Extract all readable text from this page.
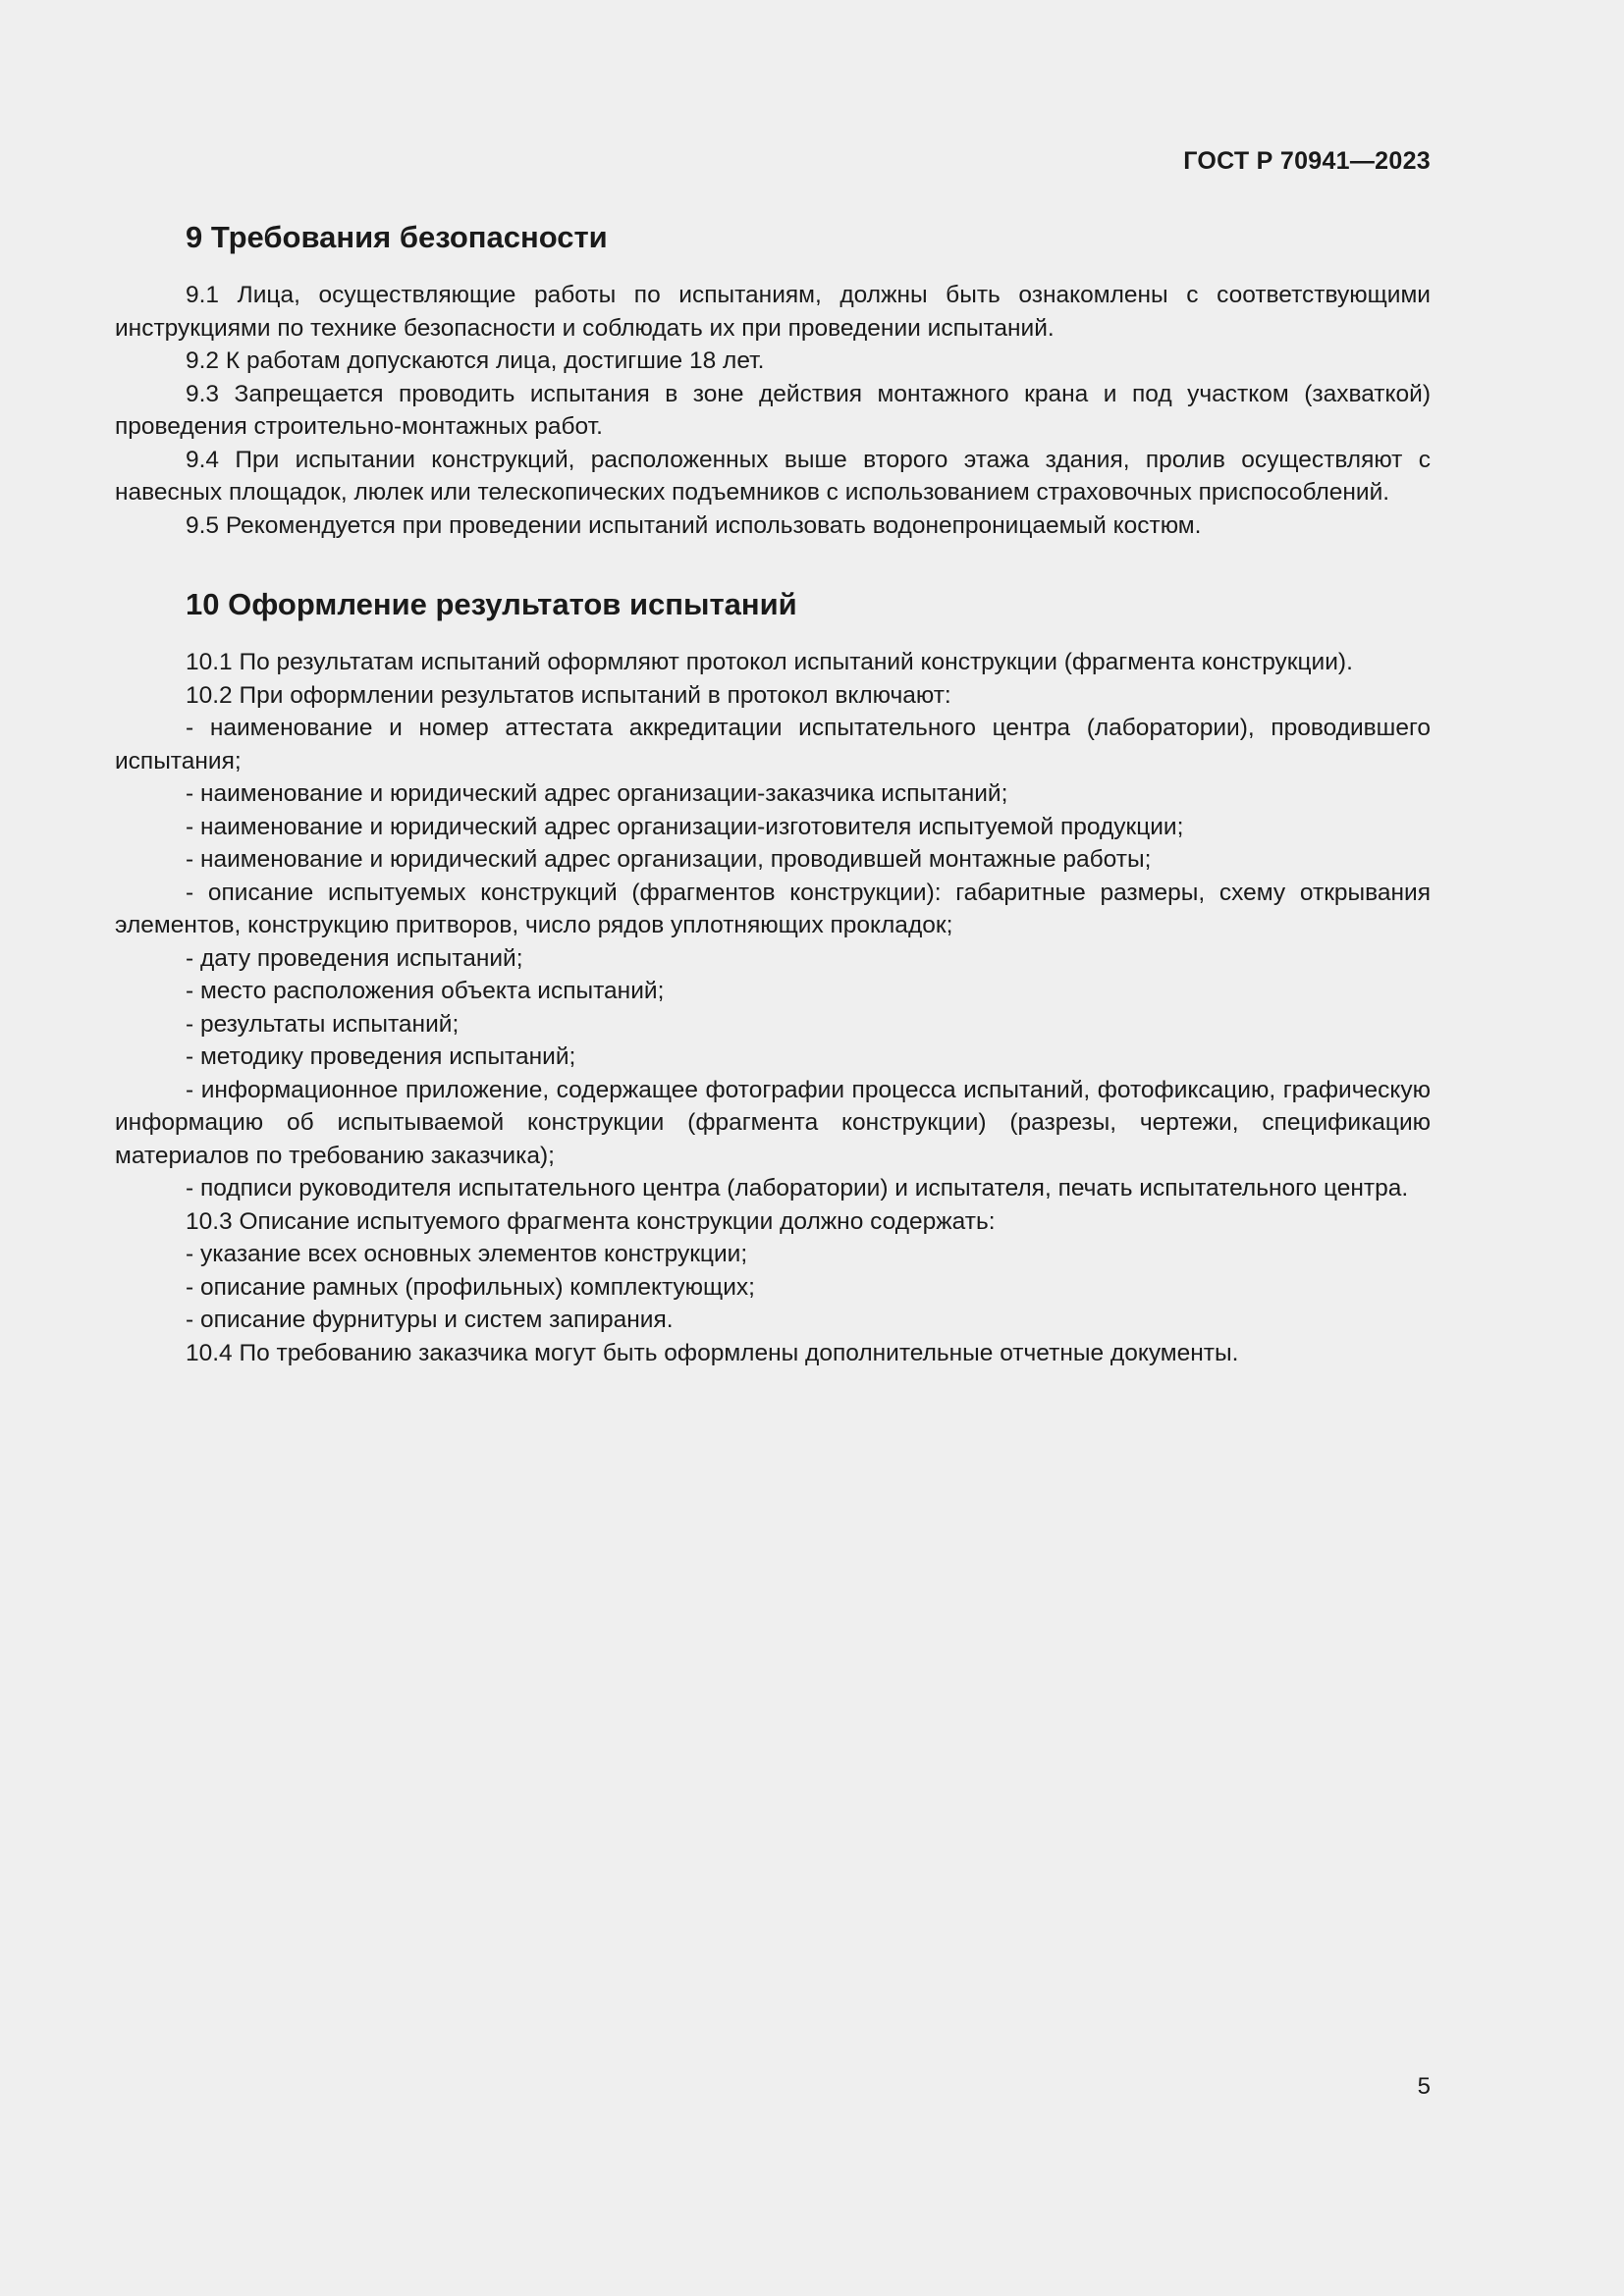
ГОСТ Р 70941—2023
9 Требования безопасности

9.1 Лица, осуществляющие работы по испытаниям, должны быть ознакомлены с соответствующими инструкциями по технике безопасности и соблюдать их при проведении испытаний.

9.2 К работам допускаются лица, достигшие 18 лет.

9.3 Запрещается проводить испытания в зоне действия монтажного крана и под участком (захваткой) проведения строительно-монтажных работ.

9.4 При испытании конструкций, расположенных выше второго этажа здания, пролив осуществляют с навесных площадок, люлек или телескопических подъемников с использованием страховочных приспособлений.

9.5 Рекомендуется при проведении испытаний использовать водонепроницаемый костюм.

10 Оформление результатов испытаний

10.1 По результатам испытаний оформляют протокол испытаний конструкции (фрагмента конструкции).

10.2 При оформлении результатов испытаний в протокол включают:

- наименование и номер аттестата аккредитации испытательного центра (лаборатории), проводившего испытания;

- наименование и юридический адрес организации-заказчика испытаний;

- наименование и юридический адрес организации-изготовителя испытуемой продукции;

- наименование и юридический адрес организации, проводившей монтажные работы;

- описание испытуемых конструкций (фрагментов конструкции): габаритные размеры, схему открывания элементов, конструкцию притворов, число рядов уплотняющих прокладок;

- дату проведения испытаний;

- место расположения объекта испытаний;

- результаты испытаний;

- методику проведения испытаний;

- информационное приложение, содержащее фотографии процесса испытаний, фотофиксацию, графическую информацию об испытываемой конструкции (фрагмента конструкции) (разрезы, чертежи, спецификацию материалов по требованию заказчика);

- подписи руководителя испытательного центра (лаборатории) и испытателя, печать испытательного центра.

10.3 Описание испытуемого фрагмента конструкции должно содержать:

- указание всех основных элементов конструкции;

- описание рамных (профильных) комплектующих;

- описание фурнитуры и систем запирания.

10.4 По требованию заказчика могут быть оформлены дополнительные отчетные документы.

5
